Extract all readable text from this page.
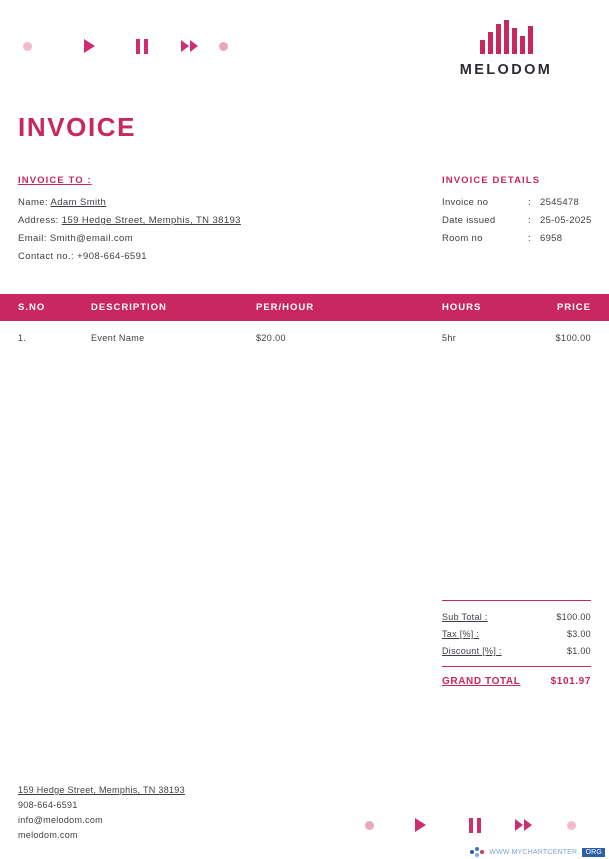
MELODOM
INVOICE
INVOICE TO :
Name: Adam Smith
Address: 159 Hedge Street, Memphis, TN 38193
Email: Smith@email.com
Contact no.: +908-664-6591
INVOICE DETAILS
Invoice no	:	2545478
Date issued	:	25-05-2025
Room no	:	6958
S.NO	DESCRIPTION	PER/HOUR	HOURS	PRICE
1.	Event Name	$20.00	5hr	$100.00
Sub Total :	$100.00
Tax [%] :	$3.00
Discount [%] :	$1.00
GRAND TOTAL	$101.97
159 Hedge Street, Memphis, TN 38193
908-664-6591
info@melodom.com
melodom.com
WWW.MYCHARTCENTER. ORG
